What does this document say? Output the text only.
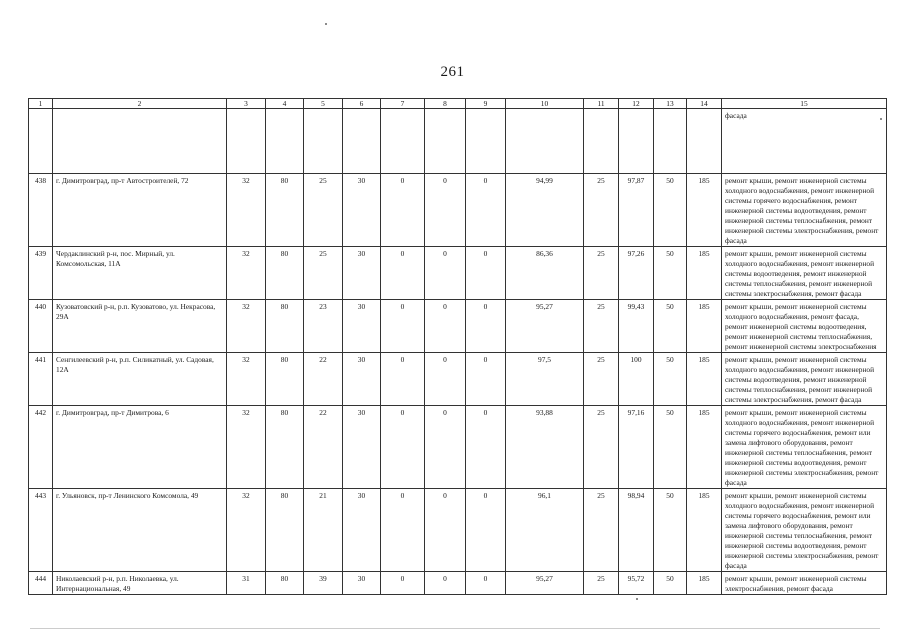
261
1	2	3	4	5	6	7	8	9	10	11	12	13	14	15
														фасада
438	г. Димитровград, пр-т Автостроителей, 72	32	80	25	30	0	0	0	94,99	25	97,87	50	185	ремонт крыши, ремонт инженерной системы холодного водоснабжения, ремонт инженерной системы горячего водоснабжения, ремонт инженерной системы водоотведения, ремонт инженерной системы теплоснабжения, ремонт инженерной системы электроснабжения, ремонт фасада
439	Чердаклинский р-н, пос. Мирный, ул. Комсомольская, 11А	32	80	25	30	0	0	0	86,36	25	97,26	50	185	ремонт крыши, ремонт инженерной системы холодного водоснабжения, ремонт инженерной системы водоотведения, ремонт инженерной системы теплоснабжения, ремонт инженерной системы электроснабжения, ремонт фасада
440	Кузоватовский р-н, р.п. Кузоватово, ул. Некрасова, 29А	32	80	23	30	0	0	0	95,27	25	99,43	50	185	ремонт крыши, ремонт инженерной системы холодного водоснабжения, ремонт фасада, ремонт инженерной системы водоотведения, ремонт инженерной системы теплоснабжения, ремонт инженерной системы электроснабжения
441	Сенгилеевский р-н, р.п. Силикатный, ул. Садовая, 12А	32	80	22	30	0	0	0	97,5	25	100	50	185	ремонт крыши, ремонт инженерной системы холодного водоснабжения, ремонт инженерной системы водоотведения, ремонт инженерной системы теплоснабжения, ремонт инженерной системы электроснабжения, ремонт фасада
442	г. Димитровград, пр-т Димитрова, 6	32	80	22	30	0	0	0	93,88	25	97,16	50	185	ремонт крыши, ремонт инженерной системы холодного водоснабжения, ремонт инженерной системы горячего водоснабжения, ремонт или замена лифтового оборудования, ремонт инженерной системы теплоснабжения, ремонт инженерной системы водоотведения, ремонт инженерной системы электроснабжения, ремонт фасада
443	г. Ульяновск, пр-т Ленинского Комсомола, 49	32	80	21	30	0	0	0	96,1	25	98,94	50	185	ремонт крыши, ремонт инженерной системы холодного водоснабжения, ремонт инженерной системы горячего водоснабжения, ремонт или замена лифтового оборудования, ремонт инженерной системы теплоснабжения, ремонт инженерной системы водоотведения, ремонт инженерной системы электроснабжения, ремонт фасада
444	Николаевский р-н, р.п. Николаевка, ул. Интернациональная, 49	31	80	39	30	0	0	0	95,27	25	95,72	50	185	ремонт крыши, ремонт инженерной системы электроснабжения, ремонт фасада
